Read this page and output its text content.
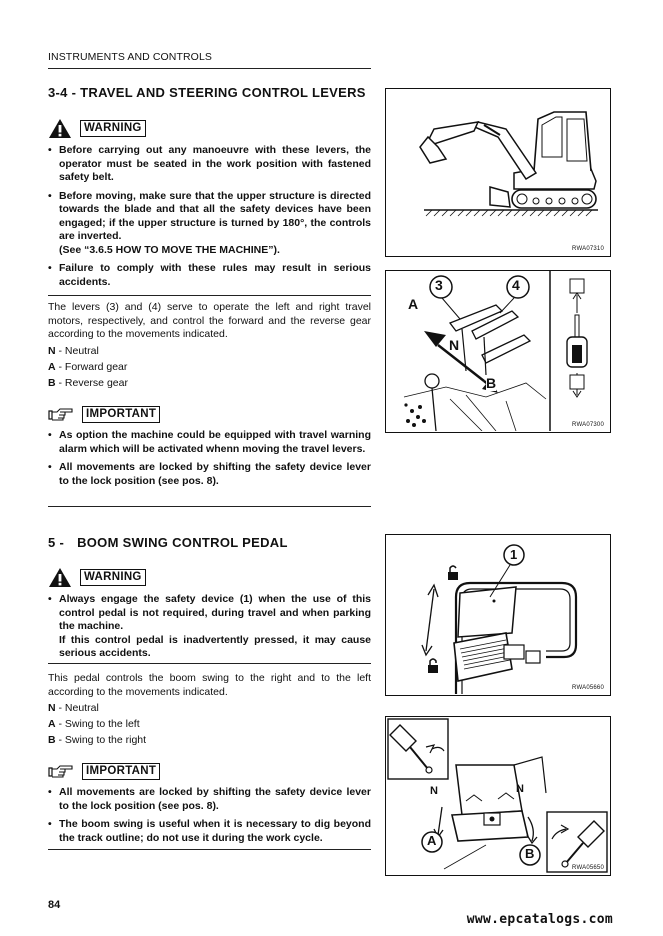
INSTRUMENTS AND CONTROLS
3-4 - TRAVEL AND STEERING CONTROL LEVERS
WARNING
• Before carrying out any manoeuvre with these levers, the operator must be seated in the work position with fastened safety belt.
• Before moving, make sure that the upper structure is directed towards the blade and that all the safety devices have been engaged; if the upper structure is turned by 180°, the controls are inverted.
(See “3.6.5 HOW TO MOVE THE MACHINE”).
• Failure to comply with these rules may result in serious accidents.
The levers (3) and (4) serve to operate the left and right travel motors, respectively, and control the forward and the reverse gear according to the movements indicated.
N - Neutral
A - Forward gear
B - Reverse gear
IMPORTANT
• As option the machine could be equipped with travel warning alarm which will be activated whenn moving the travel levers.
• All movements are locked by shifting the safety device lever to the lock position (see pos. 8).
RWA07310
3	4
A
N
B
RWA07300
5 - BOOM SWING CONTROL PEDAL
WARNING
• Always engage the safety device (1) when the use of this control pedal is not required, during travel and when parking the machine.
If this control pedal is inadvertently pressed, it may cause serious accidents.
This pedal controls the boom swing to the right and to the left according to the movements indicated.
N - Neutral
A - Swing to the left
B - Swing to the right
IMPORTANT
• All movements are locked by shifting the safety device lever to the lock position (see pos. 8).
• The boom swing is useful when it is necessary to dig beyond the track outline; do not use it during the work cycle.
1
RWA05660
N	N
A
B
RWA05650
84
www.epcatalogs.com
